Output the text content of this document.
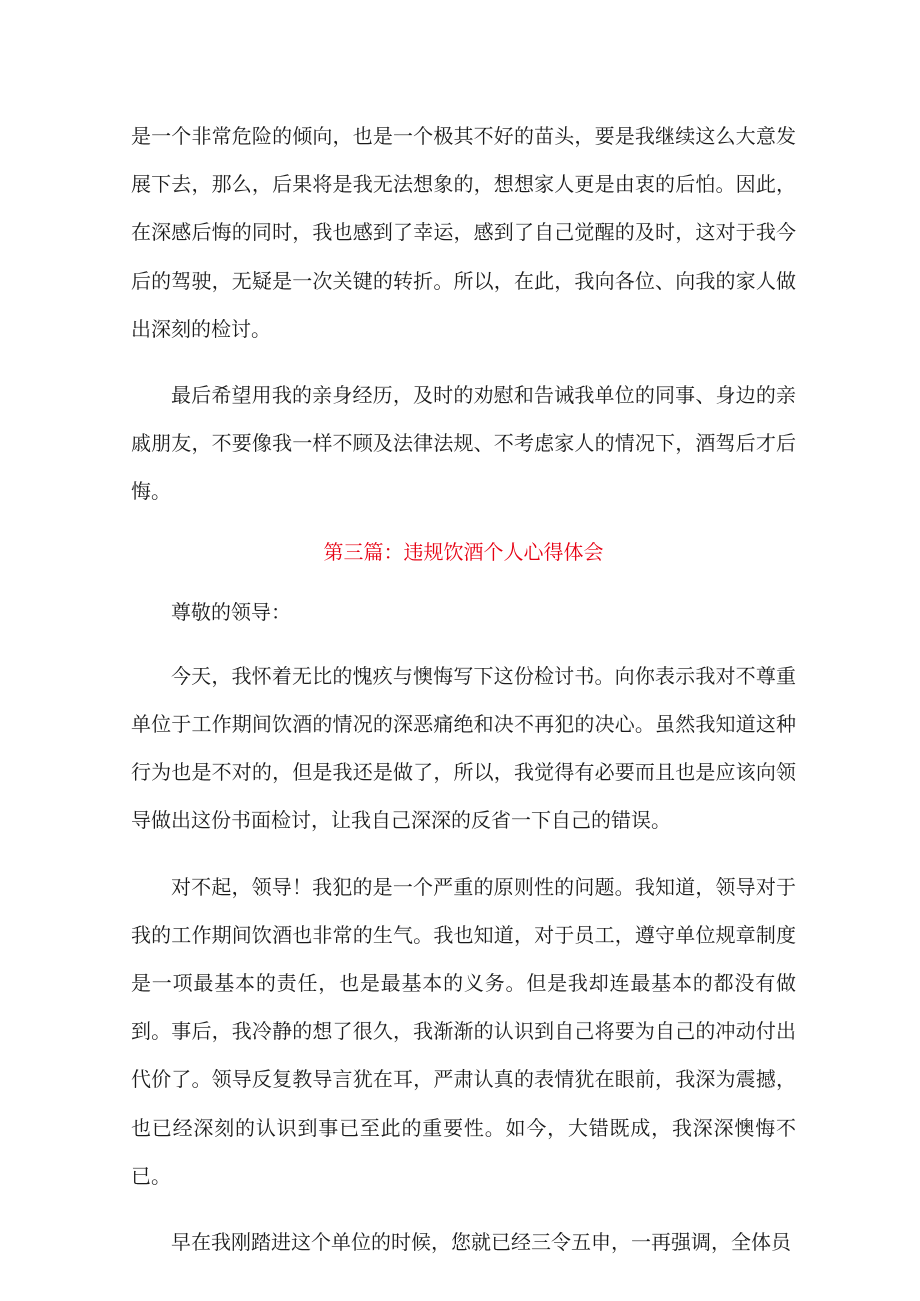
是一个非常危险的倾向，也是一个极其不好的苗头，要是我继续这么大意发展下去，那么，后果将是我无法想象的，想想家人更是由衷的后怕。因此，在深感后悔的同时，我也感到了幸运，感到了自己觉醒的及时，这对于我今后的驾驶，无疑是一次关键的转折。所以，在此，我向各位、向我的家人做出深刻的检讨。

最后希望用我的亲身经历，及时的劝慰和告诫我单位的同事、身边的亲戚朋友，不要像我一样不顾及法律法规、不考虑家人的情况下，酒驾后才后悔。

第三篇：违规饮酒个人心得体会

尊敬的领导：

今天，我怀着无比的愧疚与懊悔写下这份检讨书。向你表示我对不尊重单位于工作期间饮酒的情况的深恶痛绝和决不再犯的决心。虽然我知道这种行为也是不对的，但是我还是做了，所以，我觉得有必要而且也是应该向领导做出这份书面检讨，让我自己深深的反省一下自己的错误。

对不起，领导！我犯的是一个严重的原则性的问题。我知道，领导对于我的工作期间饮酒也非常的生气。我也知道，对于员工，遵守单位规章制度是一项最基本的责任，也是最基本的义务。但是我却连最基本的都没有做到。事后，我冷静的想了很久，我渐渐的认识到自己将要为自己的冲动付出代价了。领导反复教导言犹在耳，严肃认真的表情犹在眼前，我深为震撼，也已经深刻的认识到事已至此的重要性。如今，大错既成，我深深懊悔不已。

早在我刚踏进这个单位的时候，您就已经三令五申，一再强调，全体员
